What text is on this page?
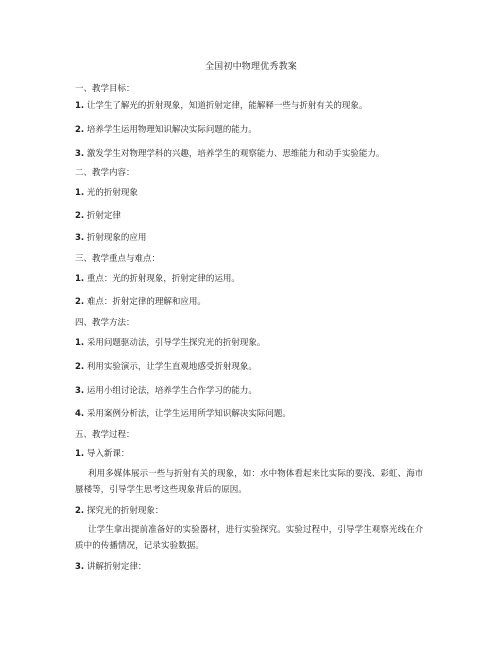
全国初中物理优秀教案
一、教学目标：
1. 让学生了解光的折射现象，知道折射定律，能解释一些与折射有关的现象。
2. 培养学生运用物理知识解决实际问题的能力。
3. 激发学生对物理学科的兴趣，培养学生的观察能力、思维能力和动手实验能力。
二、教学内容：
1. 光的折射现象
2. 折射定律
3. 折射现象的应用
三、教学重点与难点：
1. 重点：光的折射现象，折射定律的运用。
2. 难点：折射定律的理解和应用。
四、教学方法：
1. 采用问题驱动法，引导学生探究光的折射现象。
2. 利用实验演示，让学生直观地感受折射现象。
3. 运用小组讨论法，培养学生合作学习的能力。
4. 采用案例分析法，让学生运用所学知识解决实际问题。
五、教学过程：
1. 导入新课：
利用多媒体展示一些与折射有关的现象，如：水中物体看起来比实际的要浅、彩虹、海市蜃楼等，引导学生思考这些现象背后的原因。
2. 探究光的折射现象：
让学生拿出提前准备好的实验器材，进行实验探究。实验过程中，引导学生观察光线在介质中的传播情况，记录实验数据。
3. 讲解折射定律：
